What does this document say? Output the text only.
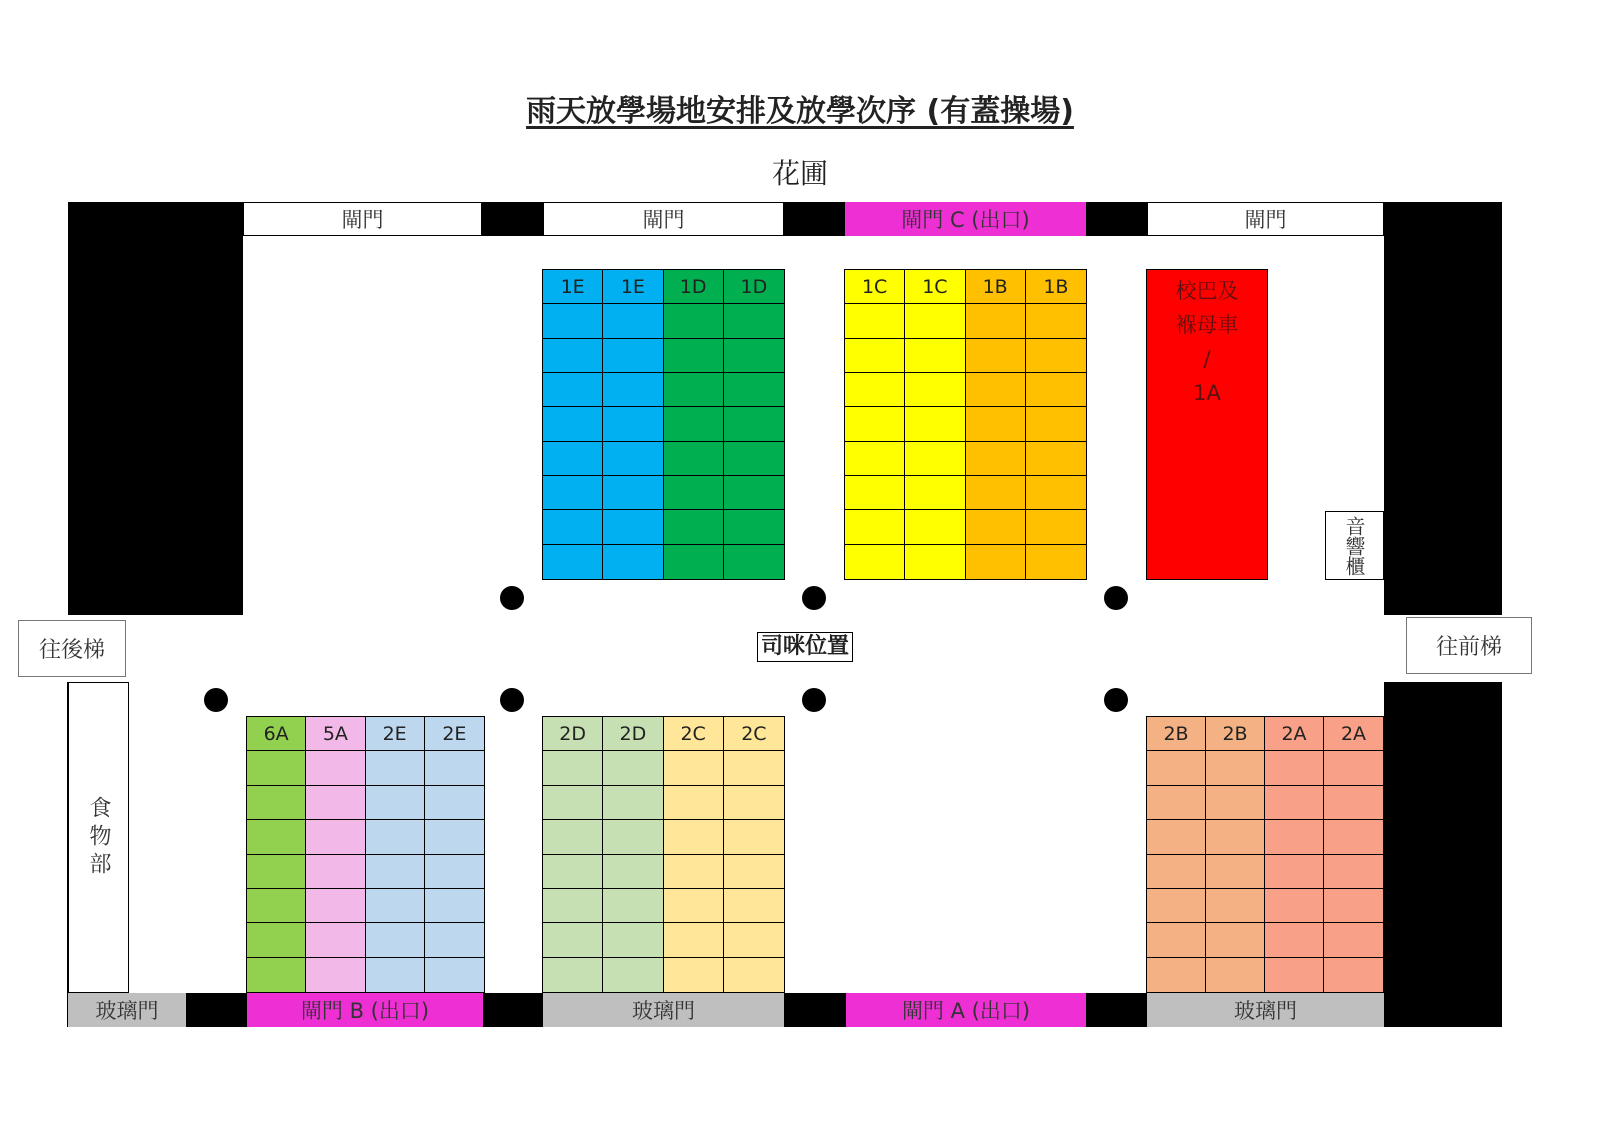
雨天放學場地安排及放學次序 (有蓋操場)
花圃
閘門	閘門	閘門 C (出口)	閘門
玻璃門	閘門 B (出口)	玻璃門	閘門 A (出口)	玻璃門
往後梯	往前梯
食物部
音響櫃
司咪位置
校巴及
褓母車
/
1A
1E	1E	1D	1D	1C	1C	1B	1B
6A	5A	2E	2E	2D	2D	2C	2C	2B	2B	2A	2A
